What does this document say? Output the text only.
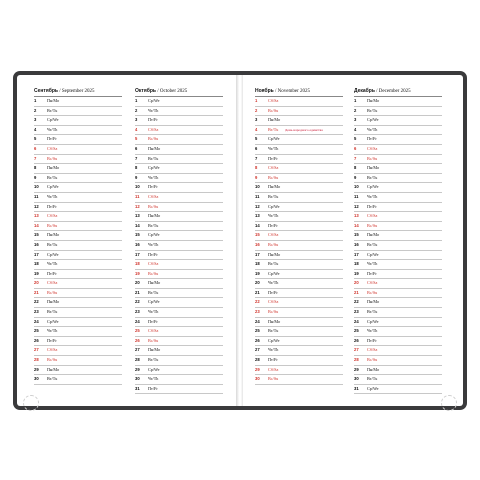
Сентябрь / September 2025
1	Пн/Mo
2	Вт/Tu
3	Ср/We
4	Чт/Th
5	Пт/Fr
6	Сб/Sa
7	Вс/Su
8	Пн/Mo
9	Вт/Tu
10 Ср/We
11 Чт/Th
12 Пт/Fr
13 Сб/Sa
14 Вс/Su
15 Пн/Mo
16 Вт/Tu
17 Ср/We
18 Чт/Th
19 Пт/Fr
20 Сб/Sa
21 Вс/Su
22 Пн/Mo
23 Вт/Tu
24 Ср/We
25 Чт/Th
26 Пт/Fr
27 Сб/Sa
28 Вс/Su
29 Пн/Mo
30 Вт/Tu
Октябрь / October 2025
1	Ср/We
2	Чт/Th
3	Пт/Fr
4	Сб/Sa
5	Вс/Su
6	Пн/Mo
7	Вт/Tu
8	Ср/We
9	Чт/Th
10 Пт/Fr
11 Сб/Sa
12 Вс/Su
13 Пн/Mo
14 Вт/Tu
15 Ср/We
16 Чт/Th
17 Пт/Fr
18 Сб/Sa
19 Вс/Su
20 Пн/Mo
21 Вт/Tu
22 Ср/We
23 Чт/Th
24 Пт/Fr
25 Сб/Sa
26 Вс/Su
27 Пн/Mo
28 Вт/Tu
29 Ср/We
30 Чт/Th
31 Пт/Fr
Ноябрь / November 2025
1	Сб/Sa
2	Вс/Su
3	Пн/Mo
4	Вт/Tu День народного единства
5	Ср/We
6	Чт/Th
7	Пт/Fr
8	Сб/Sa
9	Вс/Su
10 Пн/Mo
11 Вт/Tu
12 Ср/We
13 Чт/Th
14 Пт/Fr
15 Сб/Sa
16 Вс/Su
17 Пн/Mo
18 Вт/Tu
19 Ср/We
20 Чт/Th
21 Пт/Fr
22 Сб/Sa
23 Вс/Su
24 Пн/Mo
25 Вт/Tu
26 Ср/We
27 Чт/Th
28 Пт/Fr
29 Сб/Sa
30 Вс/Su
Декабрь / December 2025
1	Пн/Mo
2	Вт/Tu
3	Ср/We
4	Чт/Th
5	Пт/Fr
6	Сб/Sa
7	Вс/Su
8	Пн/Mo
9	Вт/Tu
10 Ср/We
11 Чт/Th
12 Пт/Fr
13 Сб/Sa
14 Вс/Su
15 Пн/Mo
16 Вт/Tu
17 Ср/We
18 Чт/Th
19 Пт/Fr
20 Сб/Sa
21 Вс/Su
22 Пн/Mo
23 Вт/Tu
24 Ср/We
25 Чт/Th
26 Пт/Fr
27 Сб/Sa
28 Вс/Su
29 Пн/Mo
30 Вт/Tu
31 Ср/We
